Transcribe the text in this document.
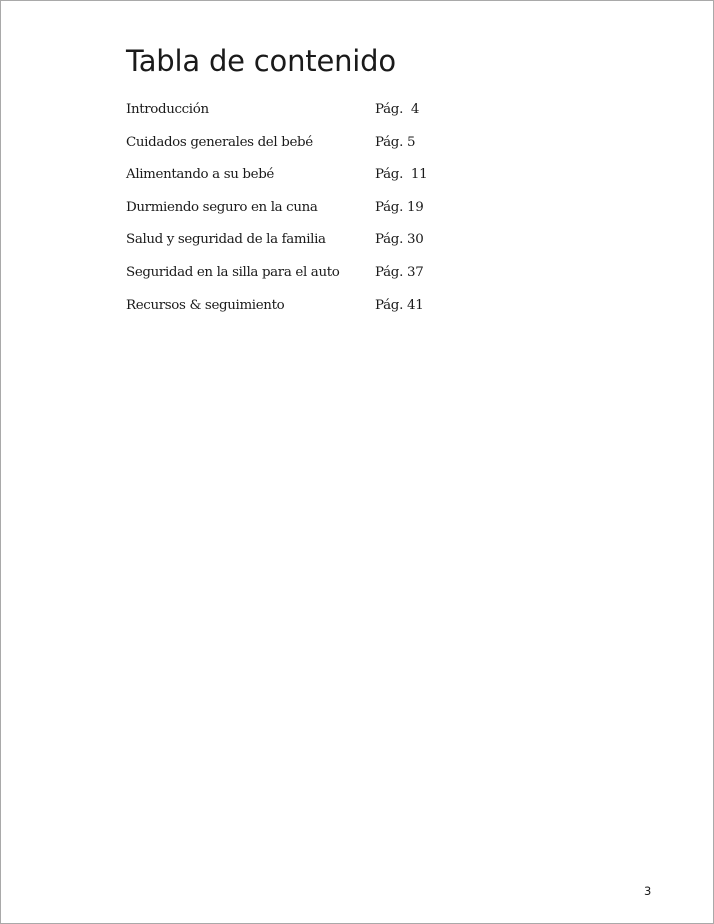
Tabla de contenido
Introducción	Pág.  4
Cuidados generales del bebé	Pág. 5
Alimentando a su bebé	Pág.  11
Durmiendo seguro en la cuna	Pág. 19
Salud y seguridad de la familia	Pág. 30
Seguridad en la silla para el auto	Pág. 37
Recursos & seguimiento	Pág. 41
3
